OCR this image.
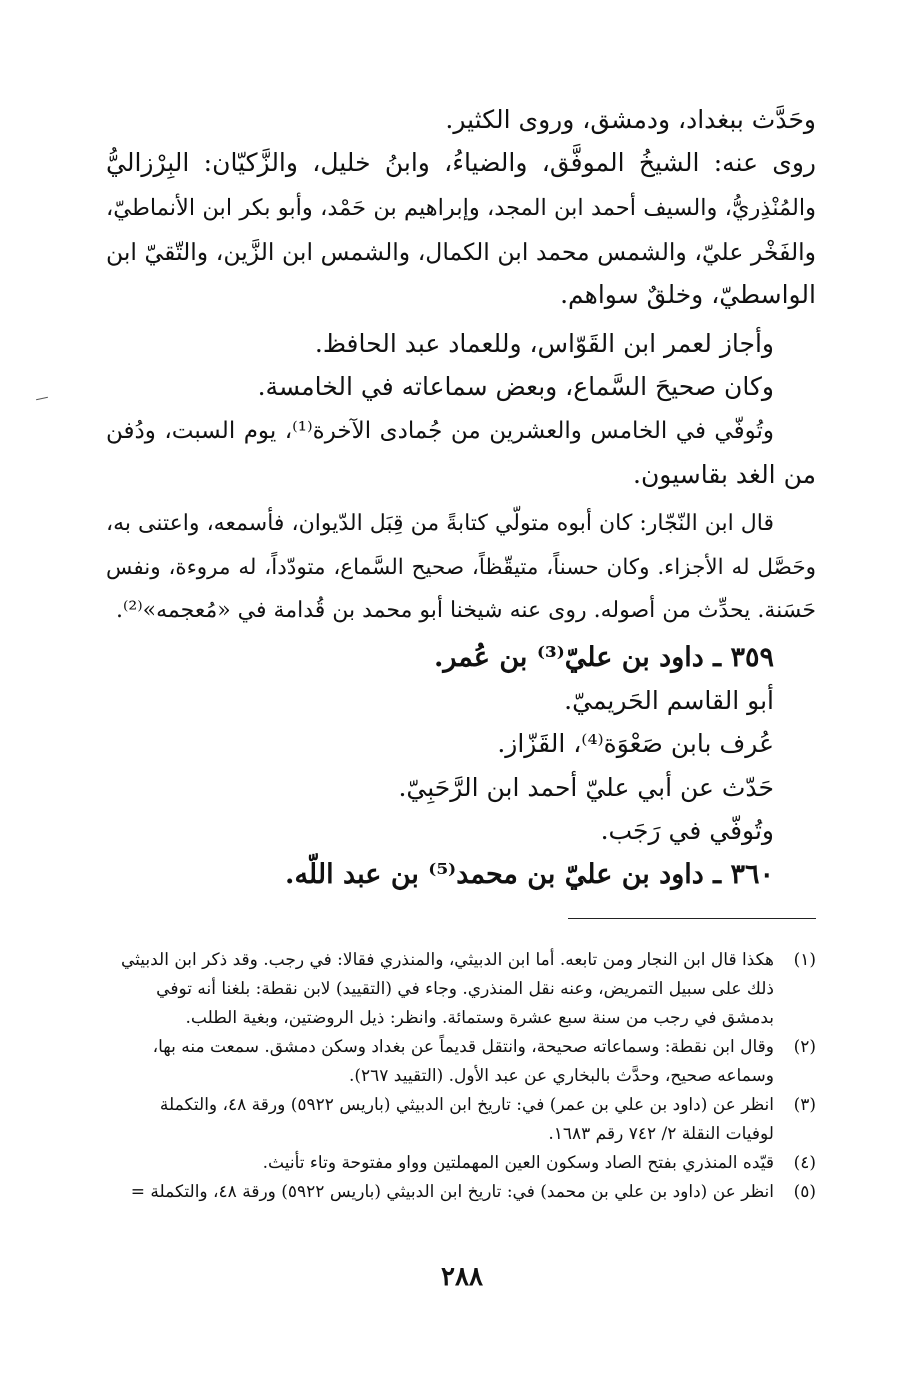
وحَدَّث ببغداد، ودمشق، وروى الكثير.
روى عنه: الشيخُ الموفَّق، والضياءُ، وابنُ خليل، والزَّكيّان: البِرْزاليُّ
والمُنْذِريُّ، والسيف أحمد ابن المجد، وإبراهيم بن حَمْد، وأبو بكر ابن الأنماطيّ،
والفَخْر عليّ، والشمس محمد ابن الكمال، والشمس ابن الزَّين، والتّقيّ ابن
الواسطيّ، وخلقٌ سواهم.
وأجاز لعمر ابن القَوّاس، وللعماد عبد الحافظ.
وكان صحيحَ السَّماع، وبعض سماعاته في الخامسة.
وتُوفّي في الخامس والعشرين من جُمادى الآخرة⁽¹⁾، يوم السبت، ودُفن
من الغد بقاسيون.
قال ابن النّجّار: كان أبوه متولّي كتابةً من قِبَل الدّيوان، فأسمعه، واعتنى به،
وحَصَّل له الأجزاء. وكان حسناً، متيقّظاً، صحيح السَّماع، متودّداً، له مروءة، ونفس
حَسَنة. يحدِّث من أصوله. روى عنه شيخنا أبو محمد بن قُدامة في «مُعجمه»⁽²⁾.
٣٥٩ ـ داود بن عليّ⁽³⁾ بن عُمر.
أبو القاسم الحَريميّ.
عُرف بابن صَعْوَة⁽⁴⁾، القَزّاز.
حَدّث عن أبي عليّ أحمد ابن الرَّحَبِيّ.
وتُوفّي في رَجَب.
٣٦٠ ـ داود بن عليّ بن محمد⁽⁵⁾ بن عبد اللّه.
(١)هكذا قال ابن النجار ومن تابعه. أما ابن الدبيثي، والمنذري فقالا: في رجب. وقد ذكر ابن الدبيثي
ذلك على سبيل التمريض، وعنه نقل المنذري. وجاء في (التقييد) لابن نقطة: بلغنا أنه توفي
بدمشق في رجب من سنة سبع عشرة وستمائة. وانظر: ذيل الروضتين، وبغية الطلب.
(٢)وقال ابن نقطة: وسماعاته صحيحة، وانتقل قديماً عن بغداد وسكن دمشق. سمعت منه بها،
وسماعه صحيح، وحدَّث بالبخاري عن عبد الأول. (التقييد ٢٦٧).
(٣)انظر عن (داود بن علي بن عمر) في: تاريخ ابن الدبيثي (باريس ٥٩٢٢) ورقة ٤٨، والتكملة
لوفيات النقلة ٢/ ٧٤٢ رقم ١٦٨٣.
(٤)قيّده المنذري بفتح الصاد وسكون العين المهملتين وواو مفتوحة وتاء تأنيث.
(٥)انظر عن (داود بن علي بن محمد) في: تاريخ ابن الدبيثي (باريس ٥٩٢٢) ورقة ٤٨، والتكملة =
٢٨٨
